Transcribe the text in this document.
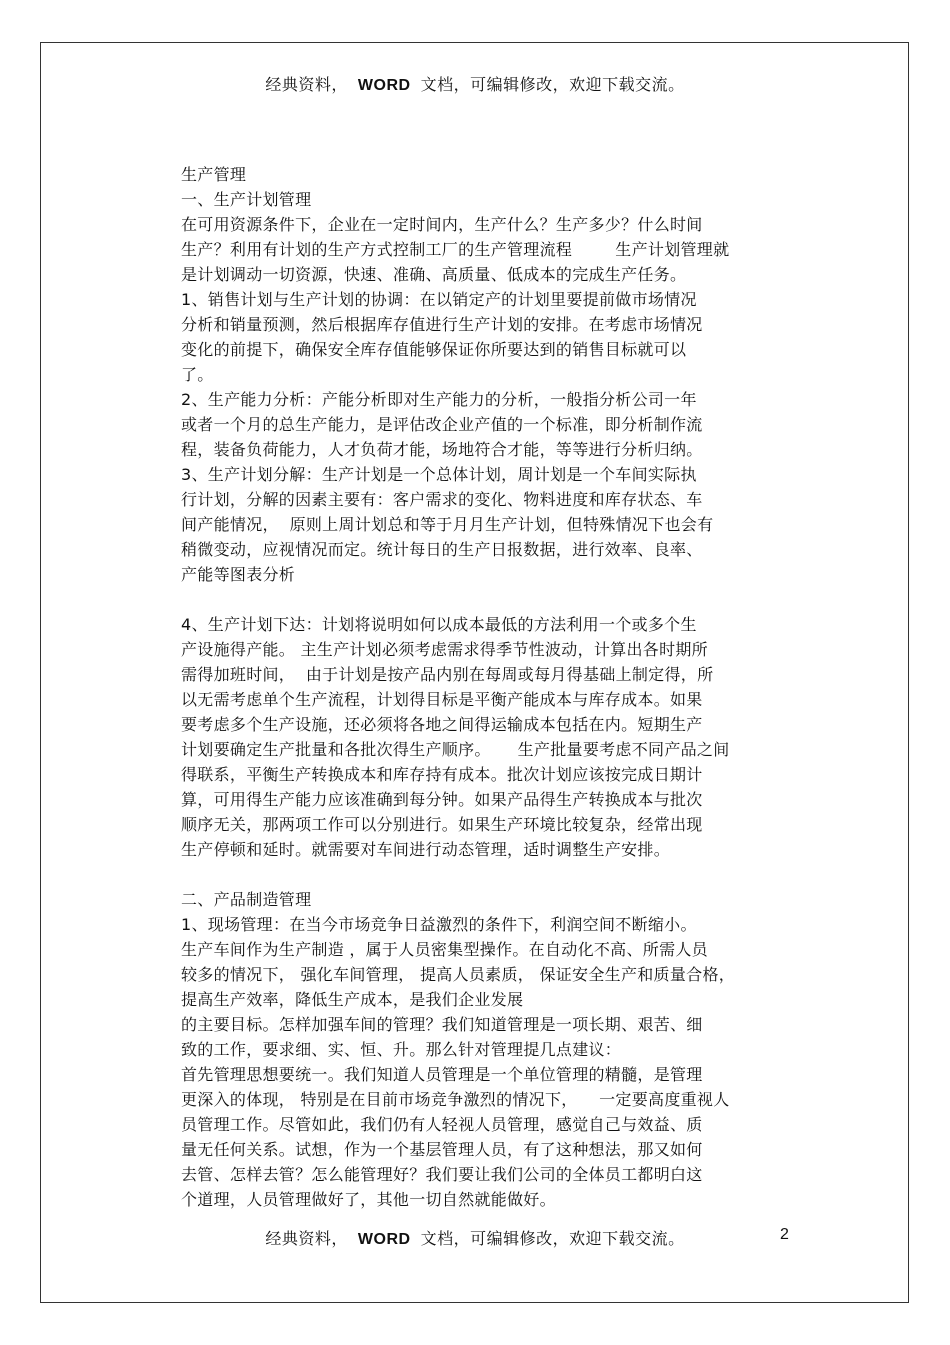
经典资料， WORD 文档，可编辑修改，欢迎下载交流。
生产管理
一、生产计划管理
在可用资源条件下，企业在一定时间内，生产什么？生产多少？什么时间
生产？利用有计划的生产方式控制工厂的生产管理流程        生产计划管理就
是计划调动一切资源，快速、准确、高质量、低成本的完成生产任务。
1、销售计划与生产计划的协调：在以销定产的计划里要提前做市场情况
分析和销量预测，然后根据库存值进行生产计划的安排。在考虑市场情况
变化的前提下，确保安全库存值能够保证你所要达到的销售目标就可以
了。
2、生产能力分析：产能分析即对生产能力的分析，一般指分析公司一年
或者一个月的总生产能力，是评估改企业产值的一个标准，即分析制作流
程，装备负荷能力，人才负荷才能，场地符合才能，等等进行分析归纳。
3、生产计划分解：生产计划是一个总体计划，周计划是一个车间实际执
行计划，分解的因素主要有：客户需求的变化、物料进度和库存状态、车
间产能情况，  原则上周计划总和等于月月生产计划，但特殊情况下也会有
稍微变动，应视情况而定。统计每日的生产日报数据，进行效率、良率、
产能等图表分析
4、生产计划下达：计划将说明如何以成本最低的方法利用一个或多个生
产设施得产能。 主生产计划必须考虑需求得季节性波动，计算出各时期所
需得加班时间，  由于计划是按产品内别在每周或每月得基础上制定得，所
以无需考虑单个生产流程，计划得目标是平衡产能成本与库存成本。如果
要考虑多个生产设施，还必须将各地之间得运输成本包括在内。短期生产
计划要确定生产批量和各批次得生产顺序。     生产批量要考虑不同产品之间
得联系，平衡生产转换成本和库存持有成本。批次计划应该按完成日期计
算，可用得生产能力应该准确到每分钟。如果产品得生产转换成本与批次
顺序无关，那两项工作可以分别进行。如果生产环境比较复杂，经常出现
生产停顿和延时。就需要对车间进行动态管理，适时调整生产安排。
二、产品制造管理
1、现场管理：在当今市场竞争日益激烈的条件下，利润空间不断缩小。
生产车间作为生产制造 ，属于人员密集型操作。在自动化不高、所需人员
较多的情况下， 强化车间管理， 提高人员素质， 保证安全生产和质量合格，
提高生产效率，降低生产成本，是我们企业发展
的主要目标。怎样加强车间的管理？我们知道管理是一项长期、艰苦、细
致的工作，要求细、实、恒、升。那么针对管理提几点建议：
首先管理思想要统一。我们知道人员管理是一个单位管理的精髓，是管理
更深入的体现， 特别是在目前市场竞争激烈的情况下，    一定要高度重视人
员管理工作。尽管如此，我们仍有人轻视人员管理，感觉自己与效益、质
量无任何关系。试想，作为一个基层管理人员，有了这种想法，那又如何
去管、怎样去管？怎么能管理好？我们要让我们公司的全体员工都明白这
个道理，人员管理做好了，其他一切自然就能做好。
经典资料， WORD 文档，可编辑修改，欢迎下载交流。	2
